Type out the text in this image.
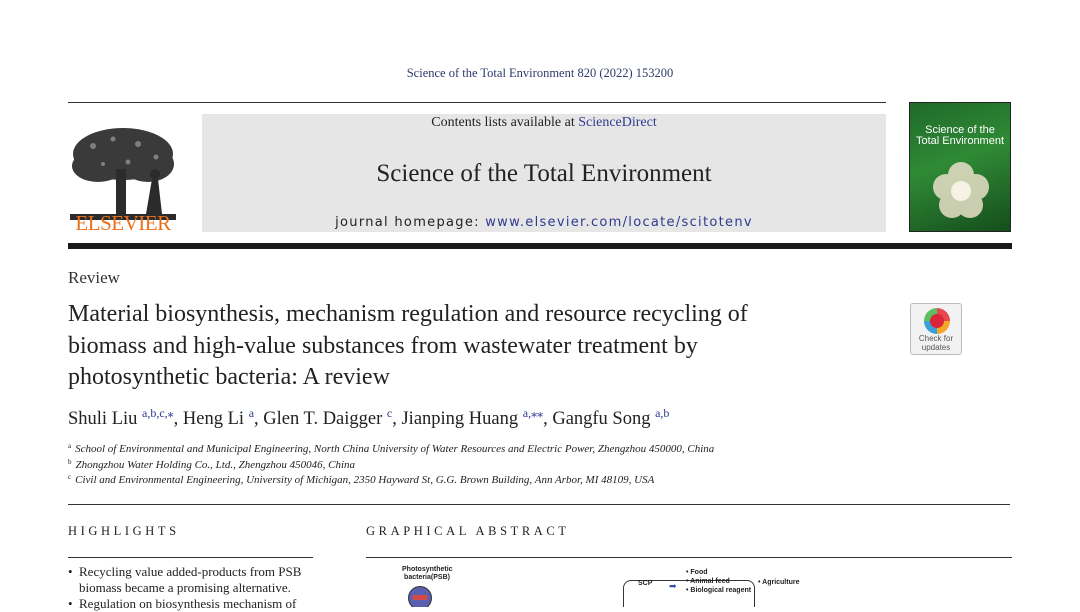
Science of the Total Environment 820 (2022) 153200
ELSEVIER
Contents lists available at ScienceDirect
Science of the Total Environment
journal homepage: www.elsevier.com/locate/scitotenv
Science of the
Total Environment
Review
Material biosynthesis, mechanism regulation and resource recycling of
biomass and high-value substances from wastewater treatment by
photosynthetic bacteria: A review
Check for
updates
Shuli Liu $^{a,b,c,⁎}$, Heng Li $^a$, Glen T. Daigger $^c$, Jianping Huang $^{a,⁎⁎}$, Gangfu Song $^{a,b}$
$^a$ School of Environmental and Municipal Engineering, North China University of Water Resources and Electric Power, Zhengzhou 450000, China
$^b$ Zhongzhou Water Holding Co., Ltd., Zhengzhou 450046, China
$^c$ Civil and Environmental Engineering, University of Michigan, 2350 Hayward St, G.G. Brown Building, Ann Arbor, MI 48109, USA
HIGHLIGHTS	GRAPHICAL ABSTRACT
• Recycling value added-products from PSB biomass became a promising alternative.
• Regulation on biosynthesis mechanism of
Photosynthetic
bacteria(PSB)
SCP ➡
• Food
• Animal feed
• Biological reagent
• Agriculture
